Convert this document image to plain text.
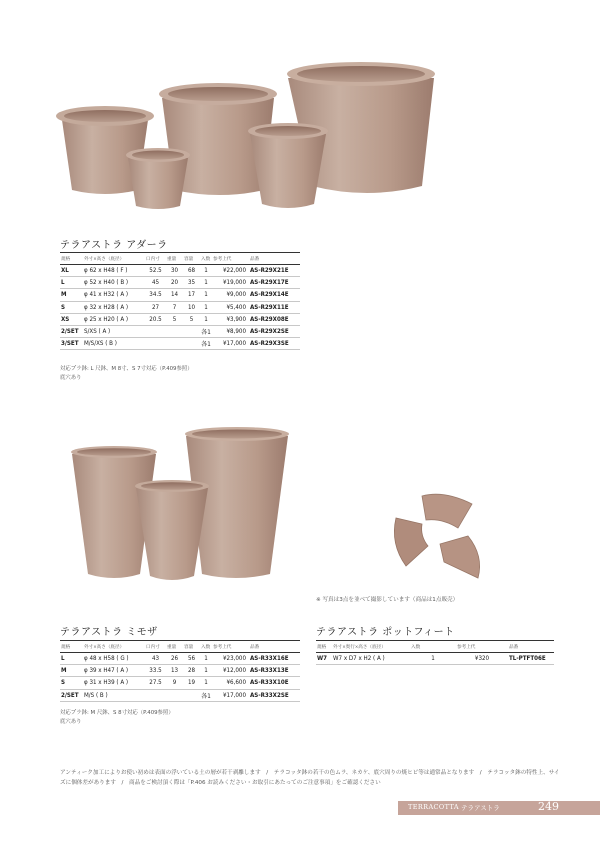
テラアストラ アダーラ
規格	外寸×高さ（底径）	口内寸	重量	容量	入数	参考上代	品番
XL	φ 62 x H48 ( F )	52.5	30	68	1	¥22,000	AS-R29X21E
L	φ 52 x H40 ( B )	45	20	35	1	¥19,000	AS-R29X17E
M	φ 41 x H32 ( A )	34.5	14	17	1	¥9,000	AS-R29X14E
S	φ 32 x H28 ( A )	27	7	10	1	¥5,400	AS-R29X11E
XS	φ 25 x H20 ( A )	20.5	5	5	1	¥3,900	AS-R29X08E
2/SET	S/XS ( A )				各1	¥8,900	AS-R29X2SE
3/SET	M/S/XS ( B )				各1	¥17,000	AS-R29X3SE
対応プラ鉢: L 尺鉢、M 8寸、S 7寸対応（P.409参照）
底穴あり
※ 写真は3点を並べて撮影しています（商品は1点販売）
テラアストラ ミモザ
規格	外寸×高さ（底径）	口内寸	重量	容量	入数	参考上代	品番
L	φ 48 x H58 ( G )	43	26	56	1	¥23,000	AS-R33X16E
M	φ 39 x H47 ( A )	33.5	13	28	1	¥12,000	AS-R33X13E
S	φ 31 x H39 ( A )	27.5	9	19	1	¥6,600	AS-R33X10E
2/SET	M/S ( B )				各1	¥17,000	AS-R33X2SE
対応プラ鉢: M 尺鉢、S 8寸対応（P.409参照）
底穴あり
テラアストラ ポットフィート
規格	外寸×奥行×高さ（底径）	入数	参考上代	品番
W7	W7 x D7 x H2 ( A )	1	¥320	TL-PTFT06E
アンティーク加工によりお使い初めは表面の浮いている土の層が若干剥離します　/　テラコッタ鉢の若干の色ムラ、ネカケ、底穴周りの焼ヒビ等は通常品となります　/　テラコッタ鉢の特性上、サイズに個体差があります　/　商品をご検討頂く際は「P.406 お読みください・お取引にあたってのご注意事項」をご確認ください
TERRACOTTA テラアストラ	249
